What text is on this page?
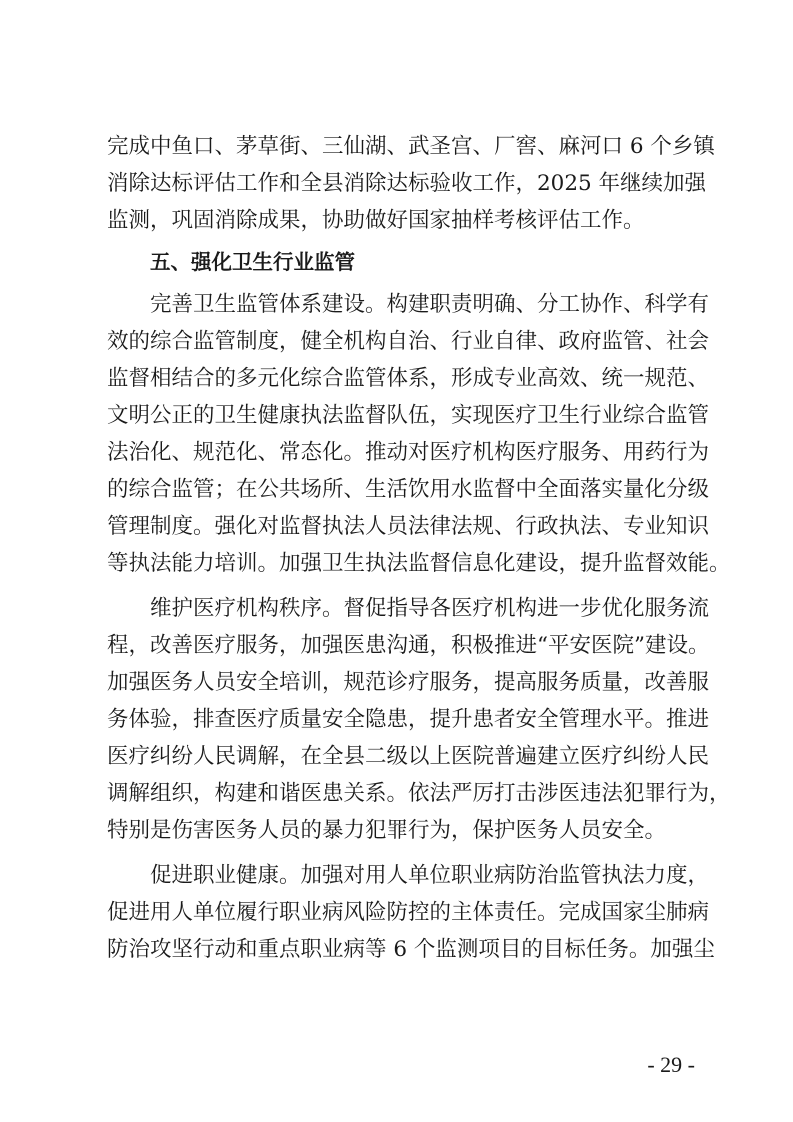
完成中鱼口、茅草街、三仙湖、武圣宫、厂窖、麻河口 6 个乡镇
消除达标评估工作和全县消除达标验收工作，2025 年继续加强
监测，巩固消除成果，协助做好国家抽样考核评估工作。
五、强化卫生行业监管
完善卫生监管体系建设。构建职责明确、分工协作、科学有
效的综合监管制度，健全机构自治、行业自律、政府监管、社会
监督相结合的多元化综合监管体系，形成专业高效、统一规范、
文明公正的卫生健康执法监督队伍，实现医疗卫生行业综合监管
法治化、规范化、常态化。推动对医疗机构医疗服务、用药行为
的综合监管；在公共场所、生活饮用水监督中全面落实量化分级
管理制度。强化对监督执法人员法律法规、行政执法、专业知识
等执法能力培训。加强卫生执法监督信息化建设，提升监督效能。
维护医疗机构秩序。督促指导各医疗机构进一步优化服务流
程，改善医疗服务，加强医患沟通，积极推进“平安医院”建设。
加强医务人员安全培训，规范诊疗服务，提高服务质量，改善服
务体验，排查医疗质量安全隐患，提升患者安全管理水平。推进
医疗纠纷人民调解，在全县二级以上医院普遍建立医疗纠纷人民
调解组织，构建和谐医患关系。依法严厉打击涉医违法犯罪行为，
特别是伤害医务人员的暴力犯罪行为，保护医务人员安全。
促进职业健康。加强对用人单位职业病防治监管执法力度，
促进用人单位履行职业病风险防控的主体责任。完成国家尘肺病
防治攻坚行动和重点职业病等 6 个监测项目的目标任务。加强尘
- 29 -
